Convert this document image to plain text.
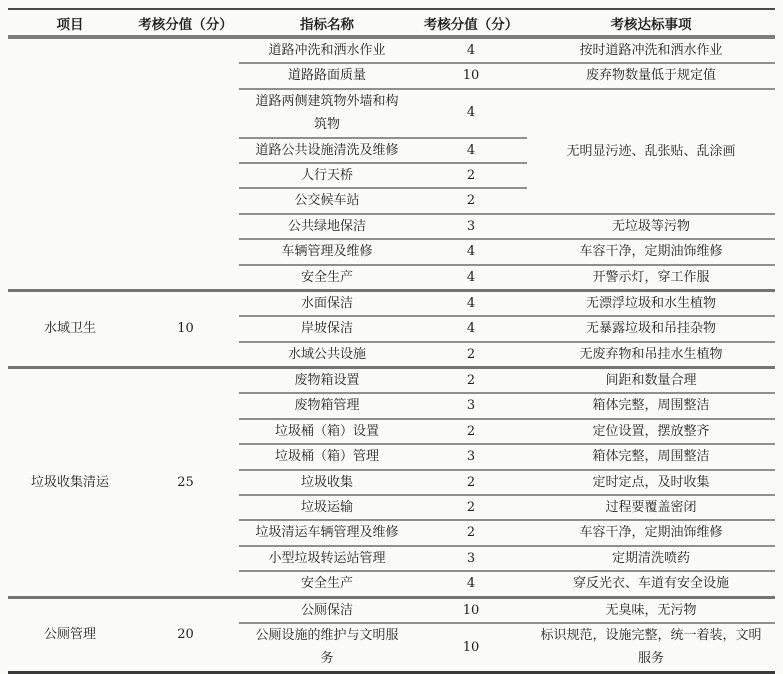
项目	考核分值（分）	指标名称	考核分值（分）	考核达标事项
		道路冲洗和洒水作业	4	按时道路冲洗和洒水作业
		道路路面质量	10	废弃物数量低于规定值
		道路两侧建筑物外墙和构筑物	4	无明显污迹、乱张贴、乱涂画
		道路公共设施清洗及维修	4	
		人行天桥	2	
		公交候车站	2	
		公共绿地保洁	3	无垃圾等污物
		车辆管理及维修	4	车容干净，定期油饰维修
		安全生产	4	开警示灯，穿工作服
水域卫生	10	水面保洁	4	无漂浮垃圾和水生植物
		岸坡保洁	4	无暴露垃圾和吊挂杂物
		水域公共设施	2	无废弃物和吊挂水生植物
垃圾收集清运	25	废物箱设置	2	间距和数量合理
		废物箱管理	3	箱体完整，周围整洁
		垃圾桶（箱）设置	2	定位设置，摆放整齐
		垃圾桶（箱）管理	3	箱体完整，周围整洁
		垃圾收集	2	定时定点，及时收集
		垃圾运输	2	过程要覆盖密闭
		垃圾清运车辆管理及维修	2	车容干净，定期油饰维修
		小型垃圾转运站管理	3	定期清洗喷药
		安全生产	4	穿反光衣、车道有安全设施
公厕管理	20	公厕保洁	10	无臭味，无污物
		公厕设施的维护与文明服务	10	标识规范，设施完整，统一着装，文明服务
